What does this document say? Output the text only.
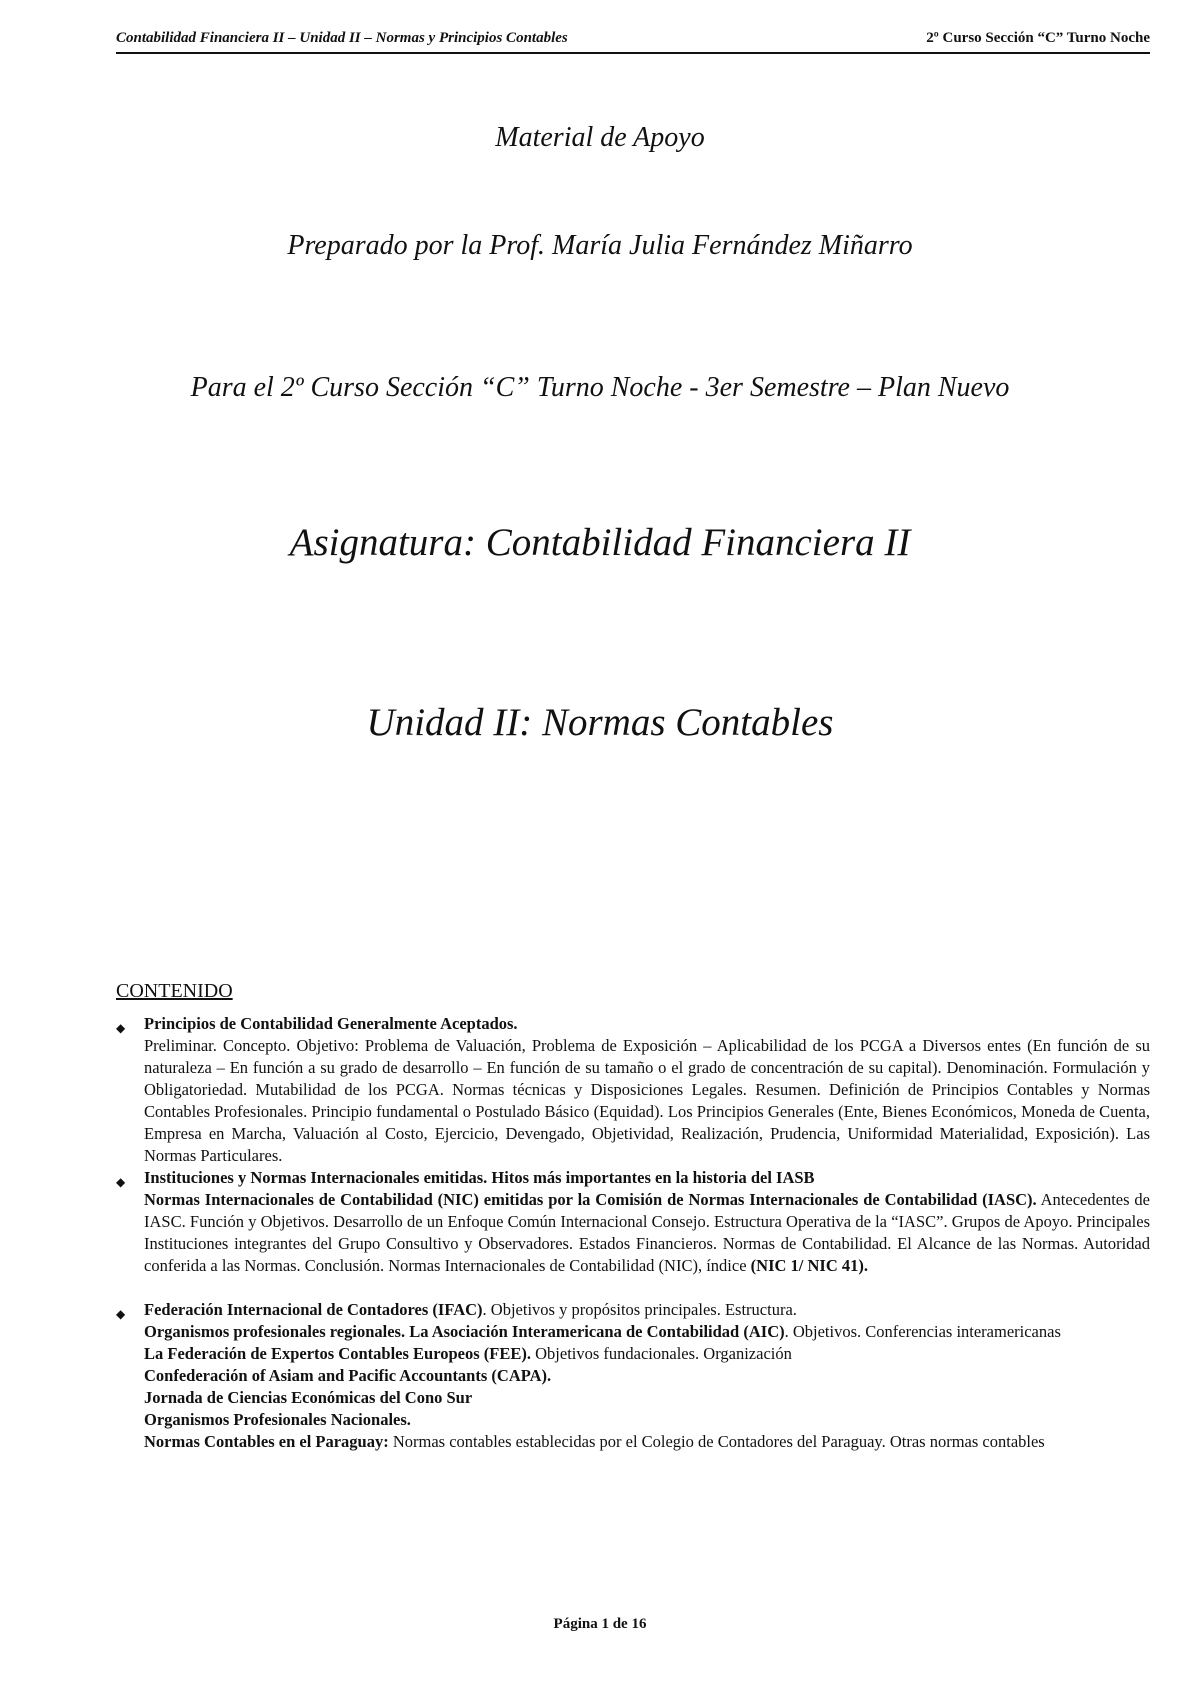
Contabilidad Financiera II – Unidad II – Normas y Principios Contables	2º Curso Sección “C” Turno Noche
Material de Apoyo
Preparado por la Prof. María Julia Fernández Miñarro
Para el 2º Curso Sección “C” Turno Noche - 3er Semestre – Plan Nuevo
Asignatura: Contabilidad Financiera II
Unidad II: Normas Contables
CONTENIDO
◆ Principios de Contabilidad Generalmente Aceptados.
Preliminar. Concepto. Objetivo: Problema de Valuación, Problema de Exposición – Aplicabilidad de los PCGA a Diversos entes (En función de su naturaleza – En función a su grado de desarrollo – En función de su tamaño o el grado de concentración de su capital). Denominación. Formulación y Obligatoriedad. Mutabilidad de los PCGA. Normas técnicas y Disposiciones Legales. Resumen. Definición de Principios Contables y Normas Contables Profesionales. Principio fundamental o Postulado Básico (Equidad). Los Principios Generales (Ente, Bienes Económicos, Moneda de Cuenta, Empresa en Marcha, Valuación al Costo, Ejercicio, Devengado, Objetividad, Realización, Prudencia, Uniformidad Materialidad, Exposición). Las Normas Particulares.
◆ Instituciones y Normas Internacionales emitidas. Hitos más importantes en la historia del IASB
Normas Internacionales de Contabilidad (NIC) emitidas por la Comisión de Normas Internacionales de Contabilidad (IASC). Antecedentes de IASC. Función y Objetivos. Desarrollo de un Enfoque Común Internacional Consejo. Estructura Operativa de la “IASC”. Grupos de Apoyo. Principales Instituciones integrantes del Grupo Consultivo y Observadores. Estados Financieros. Normas de Contabilidad. El Alcance de las Normas. Autoridad conferida a las Normas. Conclusión. Normas Internacionales de Contabilidad (NIC), índice (NIC 1/ NIC 41).
◆ Federación Internacional de Contadores (IFAC). Objetivos y propósitos principales. Estructura.
Organismos profesionales regionales. La Asociación Interamericana de Contabilidad (AIC). Objetivos. Conferencias interamericanas
La Federación de Expertos Contables Europeos (FEE). Objetivos fundacionales. Organización
Confederación of Asiam and Pacific Accountants (CAPA).
Jornada de Ciencias Económicas del Cono Sur
Organismos Profesionales Nacionales.
Normas Contables en el Paraguay: Normas contables establecidas por el Colegio de Contadores del Paraguay. Otras normas contables
Página 1 de 16
